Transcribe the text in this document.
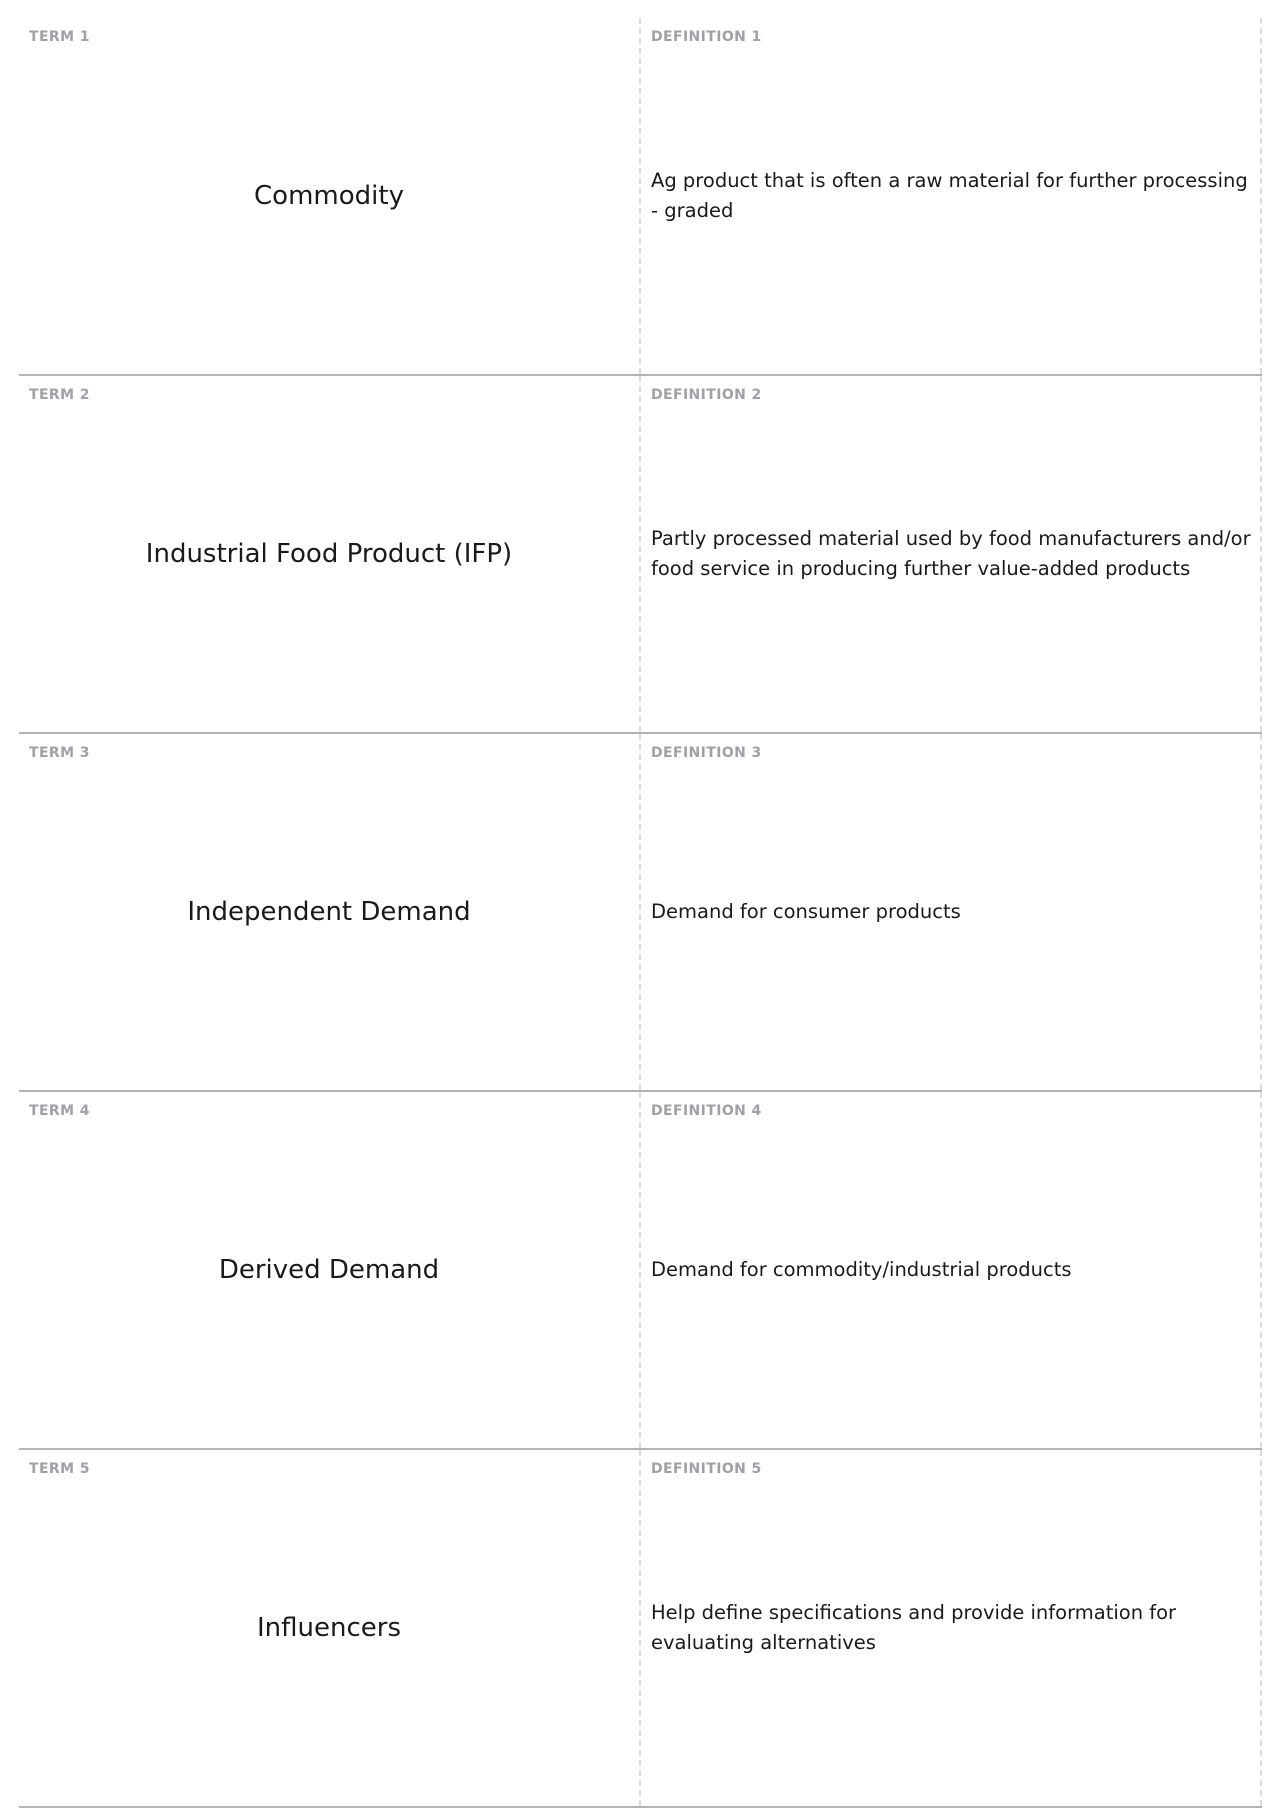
TERM 1
Commodity
DEFINITION 1
Ag product that is often a raw material for further processing - graded
TERM 2
Industrial Food Product (IFP)
DEFINITION 2
Partly processed material used by food manufacturers and/or food service in producing further value-added products
TERM 3
Independent Demand
DEFINITION 3
Demand for consumer products
TERM 4
Derived Demand
DEFINITION 4
Demand for commodity/industrial products
TERM 5
Influencers
DEFINITION 5
Help define specifications and provide information for evaluating alternatives
